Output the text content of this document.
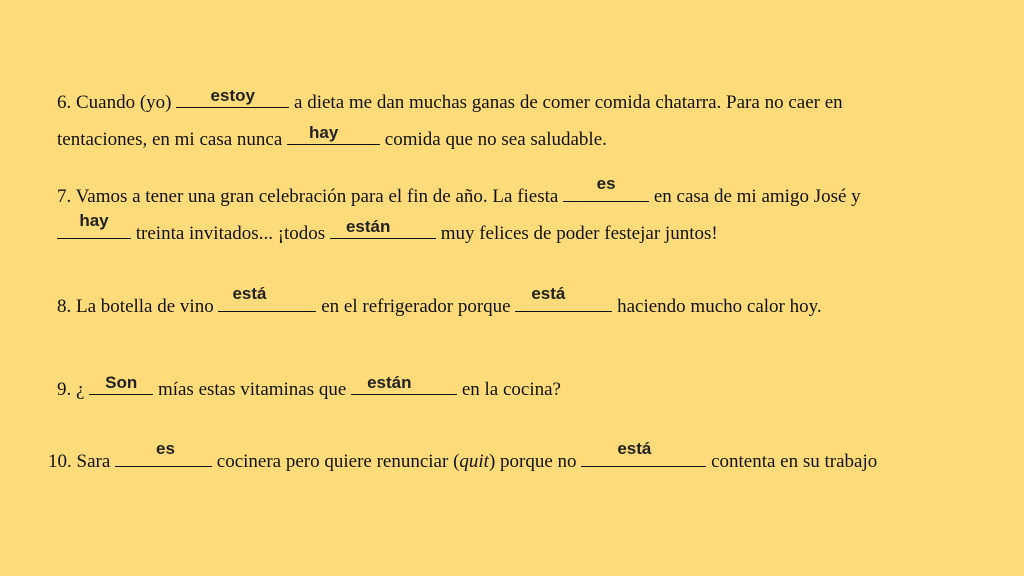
6. Cuando (yo)	estoy	a dieta me dan muchas ganas de comer comida chatarra. Para no caer en
tentaciones, en mi casa nunca	hay	comida que no sea saludable.
7. Vamos a tener una gran celebración para el fin de año. La fiesta
es
en casa de mi amigo José y
hay
treinta invitados... ¡todos están	muy felices de poder festejar juntos!
8. La botella de vino
está
en el refrigerador porque
está
haciendo mucho calor hoy.
9. ¿ Son mías estas vitaminas que están	en la cocina?
10. Sara
es
cocinera pero quiere renunciar (quit) porque no
está
contenta en su trabajo
